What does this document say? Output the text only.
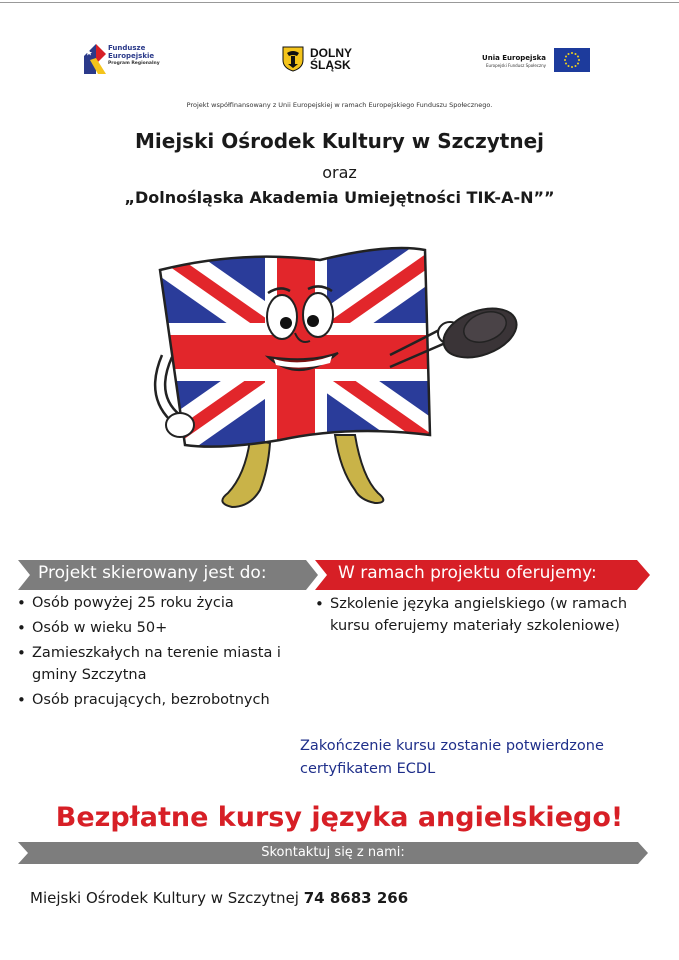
Fundusze
Europejskie
Program Regionalny
DOLNY
ŚLĄSK	Unia Europejska
Europejski Fundusz Społeczny
Projekt współfinansowany z Unii Europejskiej w ramach Europejskiego Funduszu Społecznego.
Miejski Ośrodek Kultury w Szczytnej
oraz
„Dolnośląska Akademia Umiejętności TIK-A-N””
Projekt skierowany jest do:	W ramach projektu oferujemy:
• Osób powyżej 25 roku życia
• Osób w wieku 50+
• Zamieszkałych na terenie miasta i gminy Szczytna
• Osób pracujących, bezrobotnych
• Szkolenie języka angielskiego (w ramach kursu oferujemy materiały szkoleniowe)
Zakończenie kursu zostanie potwierdzone
certyfikatem ECDL
Bezpłatne kursy języka angielskiego!
Skontaktuj się z nami:
Miejski Ośrodek Kultury w Szczytnej 74 8683 266
